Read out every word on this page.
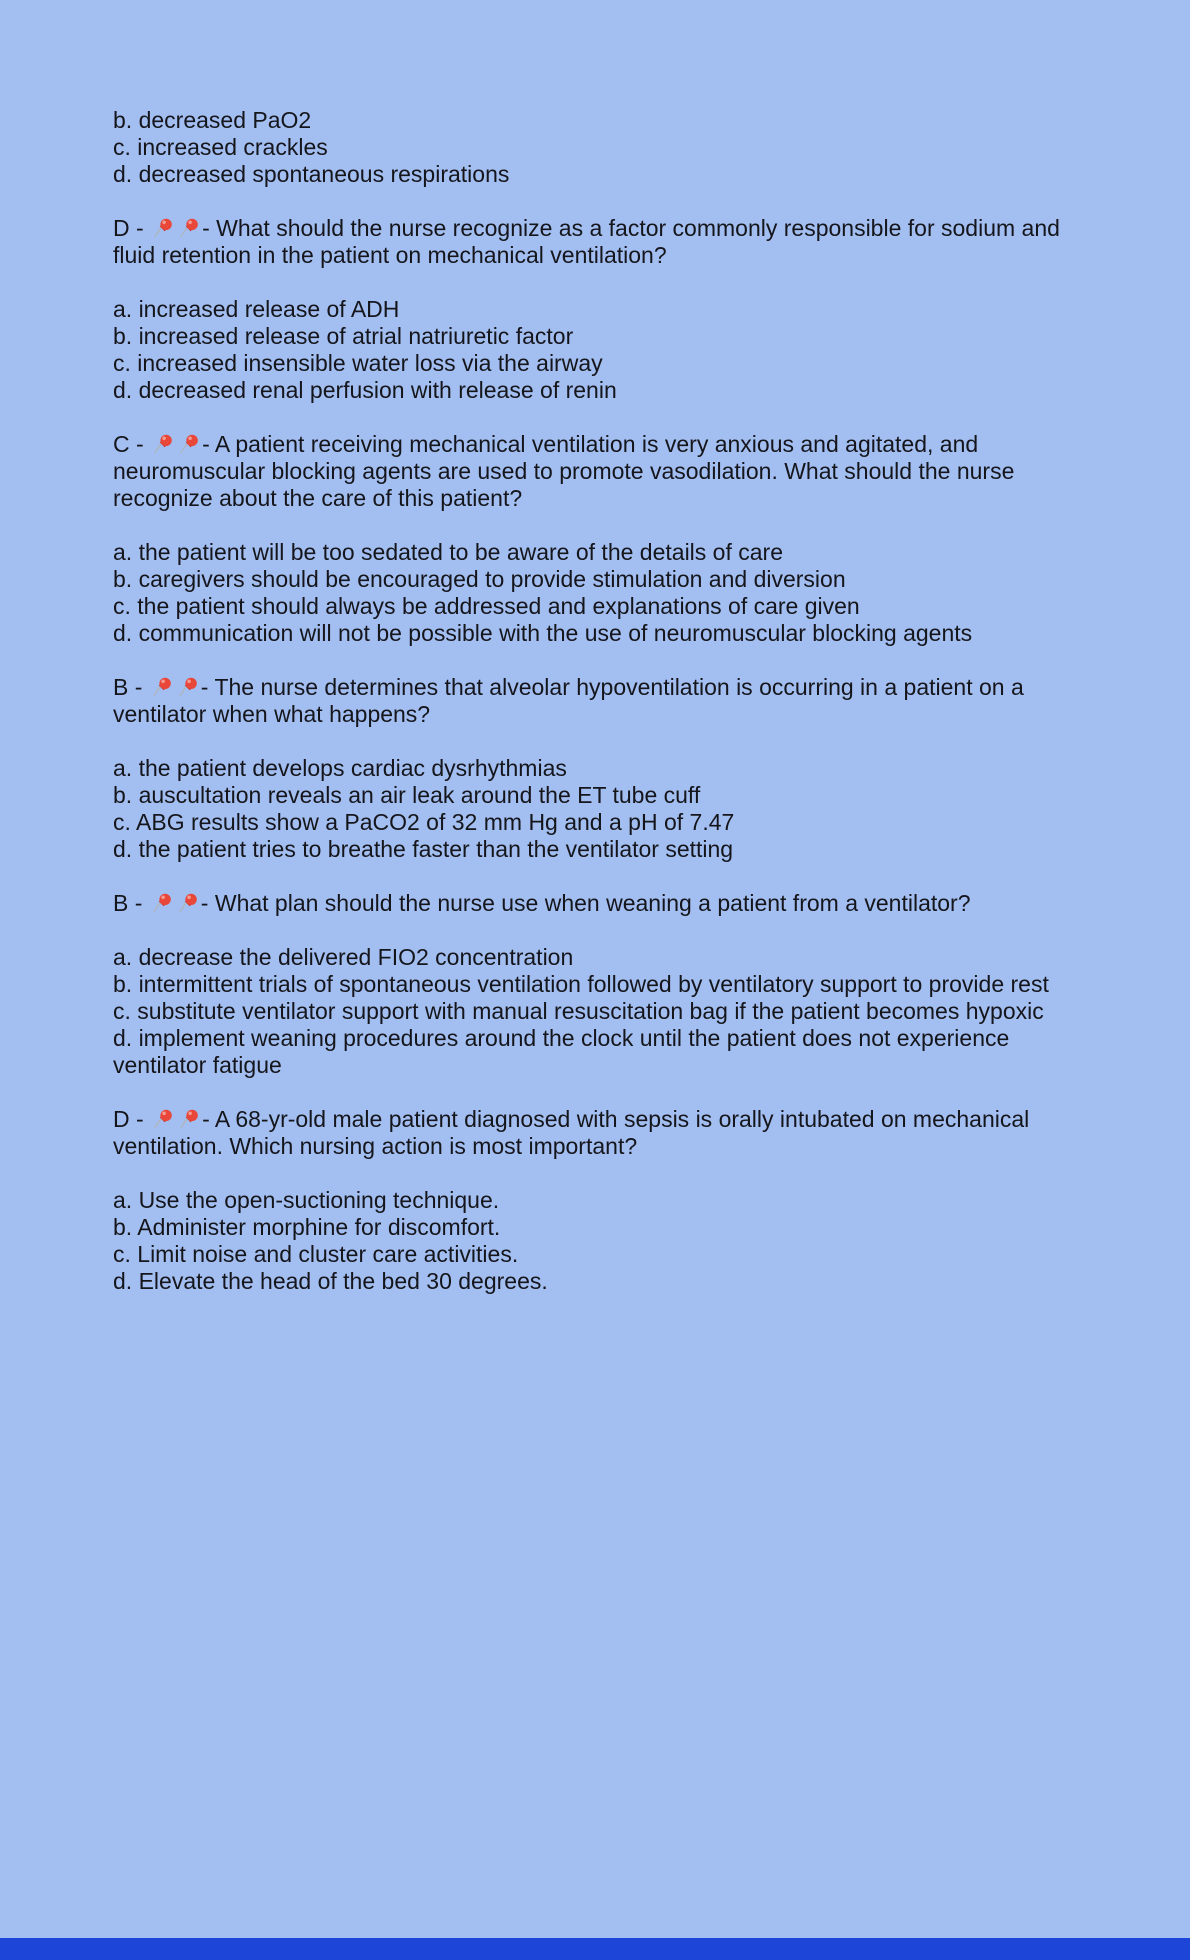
b. decreased PaO2

c. increased crackles

d. decreased spontaneous respirations

D - - What should the nurse recognize as a factor commonly responsible for sodium and fluid retention in the patient on mechanical ventilation?

a. increased release of ADH

b. increased release of atrial natriuretic factor

c. increased insensible water loss via the airway

d. decreased renal perfusion with release of renin

C - - A patient receiving mechanical ventilation is very anxious and agitated, and neuromuscular blocking agents are used to promote vasodilation. What should the nurse recognize about the care of this patient?

a. the patient will be too sedated to be aware of the details of care

b. caregivers should be encouraged to provide stimulation and diversion

c. the patient should always be addressed and explanations of care given

d. communication will not be possible with the use of neuromuscular blocking agents

B - - The nurse determines that alveolar hypoventilation is occurring in a patient on a ventilator when what happens?

a. the patient develops cardiac dysrhythmias

b. auscultation reveals an air leak around the ET tube cuff

c. ABG results show a PaCO2 of 32 mm Hg and a pH of 7.47

d. the patient tries to breathe faster than the ventilator setting

B - - What plan should the nurse use when weaning a patient from a ventilator?

a. decrease the delivered FIO2 concentration

b. intermittent trials of spontaneous ventilation followed by ventilatory support to provide rest

c. substitute ventilator support with manual resuscitation bag if the patient becomes hypoxic

d. implement weaning procedures around the clock until the patient does not experience ventilator fatigue

D - - A 68-yr-old male patient diagnosed with sepsis is orally intubated on mechanical ventilation. Which nursing action is most important?

a. Use the open-suctioning technique.

b. Administer morphine for discomfort.

c. Limit noise and cluster care activities.

d. Elevate the head of the bed 30 degrees.
